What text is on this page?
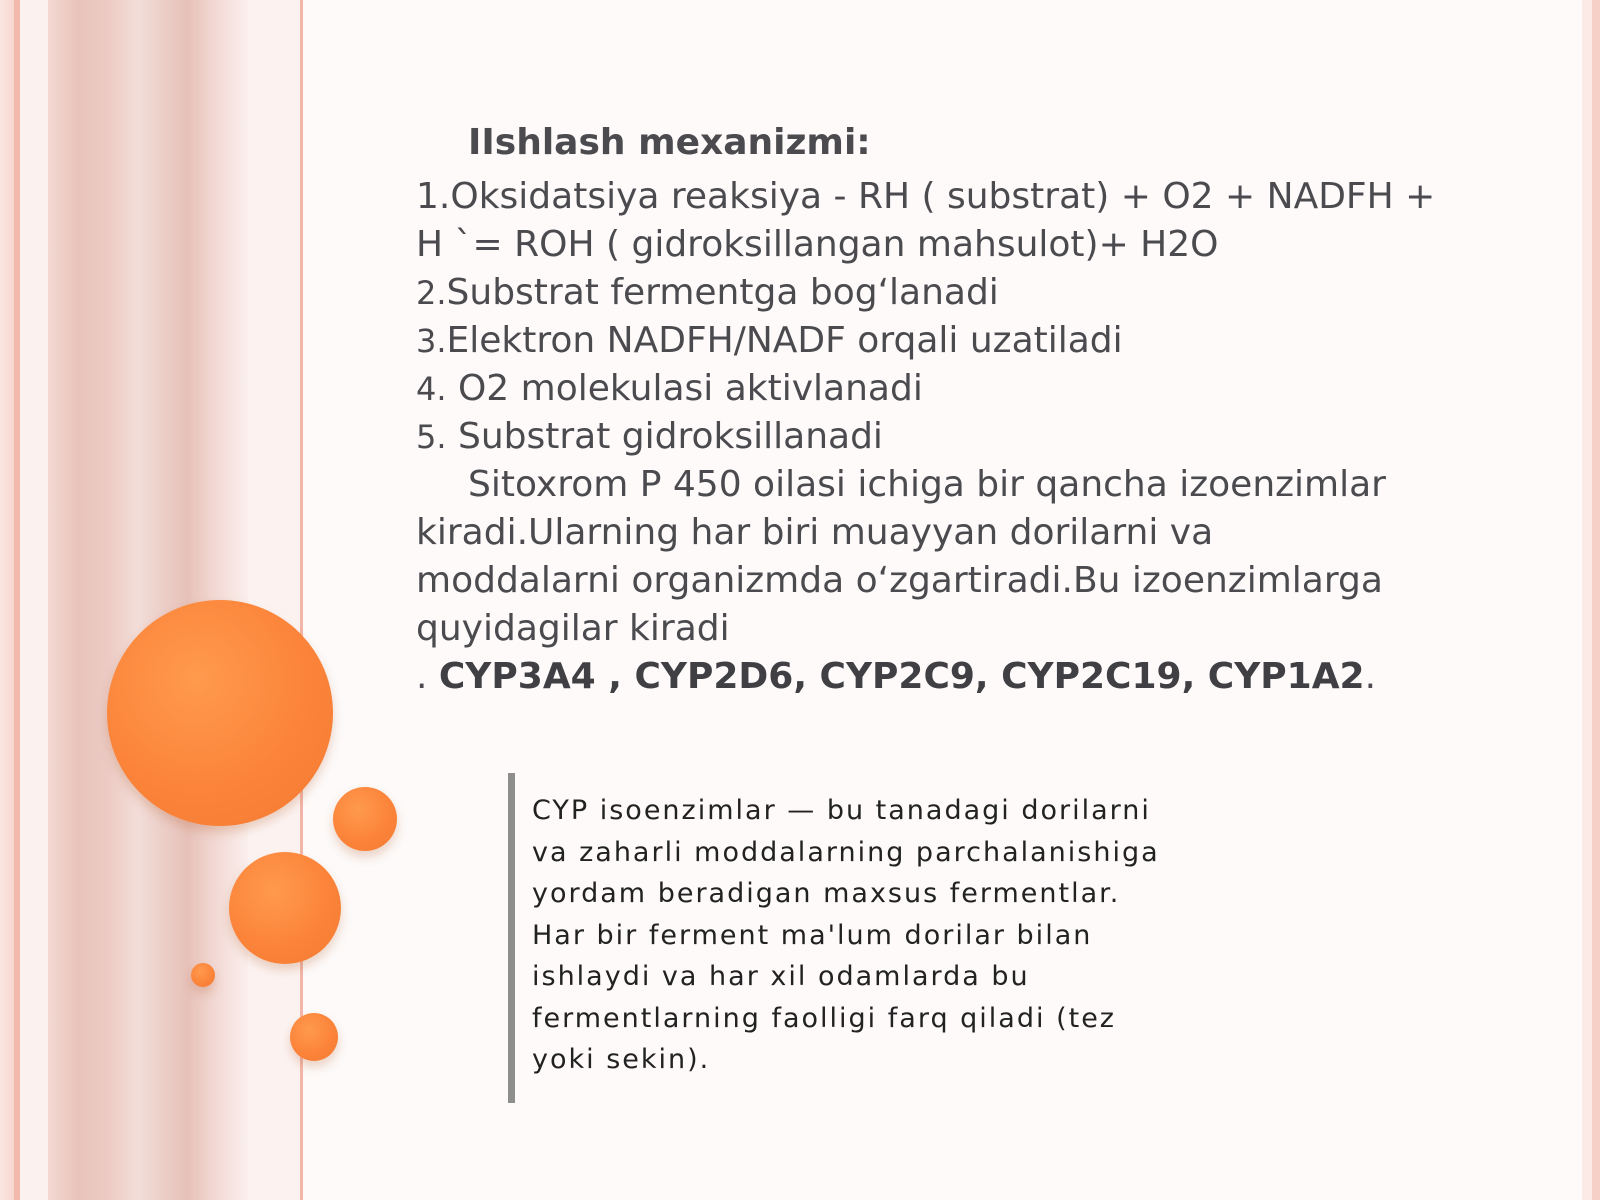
IIshlash mexanizmi:

1.Oksidatsiya reaksiya - RH ( substrat) + O2 + NADFH +

H `= ROH ( gidroksillangan mahsulot)+ H2O

2.Substrat fermentga bog‘lanadi

3.Elektron NADFH/NADF orqali uzatiladi

4. O2 molekulasi aktivlanadi

5. Substrat gidroksillanadi

Sitoxrom P 450 oilasi ichiga bir qancha izoenzimlar

kiradi.Ularning har biri muayyan dorilarni va

moddalarni organizmda o‘zgartiradi.Bu izoenzimlarga

quyidagilar kiradi

. CYP3A4 , CYP2D6, CYP2C9, CYP2C19, CYP1A2.

CYP isoenzimlar — bu tanadagi dorilarni
va zaharli moddalarning parchalanishiga
yordam beradigan maxsus fermentlar.
Har bir ferment ma'lum dorilar bilan
ishlaydi va har xil odamlarda bu
fermentlarning faolligi farq qiladi (tez
yoki sekin).
